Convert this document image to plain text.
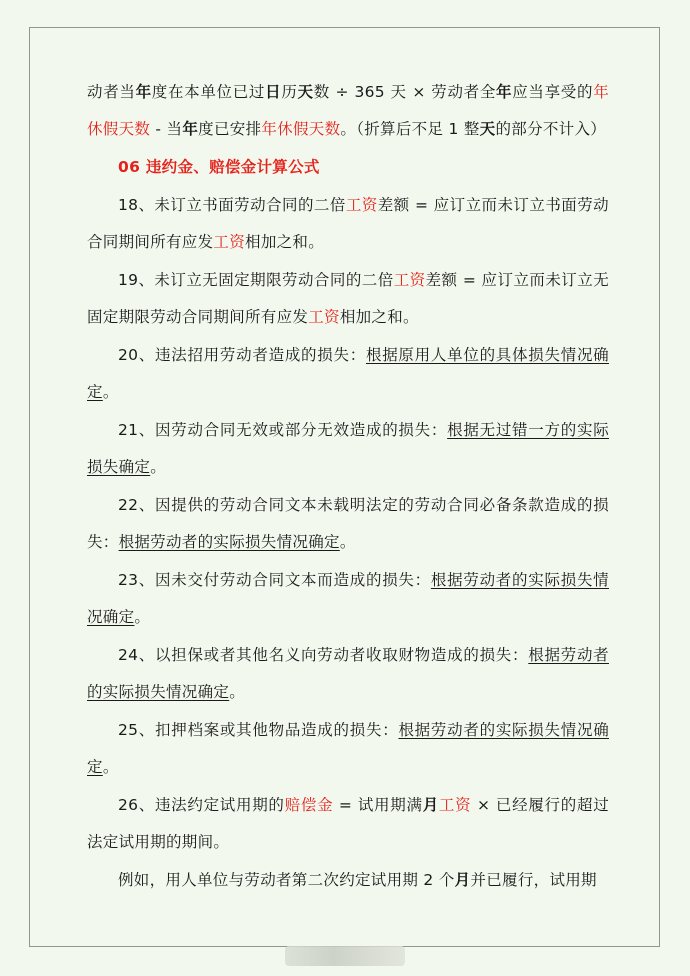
动者当年度在本单位已过日历天数 ÷ 365 天 × 劳动者全年应当享受的年休假天数 - 当年度已安排年休假天数。（折算后不足 1 整天的部分不计入）

06 违约金、赔偿金计算公式

18、未订立书面劳动合同的二倍工资差额 = 应订立而未订立书面劳动合同期间所有应发工资相加之和。

19、未订立无固定期限劳动合同的二倍工资差额 = 应订立而未订立无固定期限劳动合同期间所有应发工资相加之和。

20、违法招用劳动者造成的损失：根据原用人单位的具体损失情况确定。

21、因劳动合同无效或部分无效造成的损失：根据无过错一方的实际损失确定。

22、因提供的劳动合同文本未载明法定的劳动合同必备条款造成的损失：根据劳动者的实际损失情况确定。

23、因未交付劳动合同文本而造成的损失：根据劳动者的实际损失情况确定。

24、以担保或者其他名义向劳动者收取财物造成的损失：根据劳动者的实际损失情况确定。

25、扣押档案或其他物品造成的损失：根据劳动者的实际损失情况确定。

26、违法约定试用期的赔偿金 = 试用期满月工资 × 已经履行的超过法定试用期的期间。

例如，用人单位与劳动者第二次约定试用期 2 个月并已履行，试用期
